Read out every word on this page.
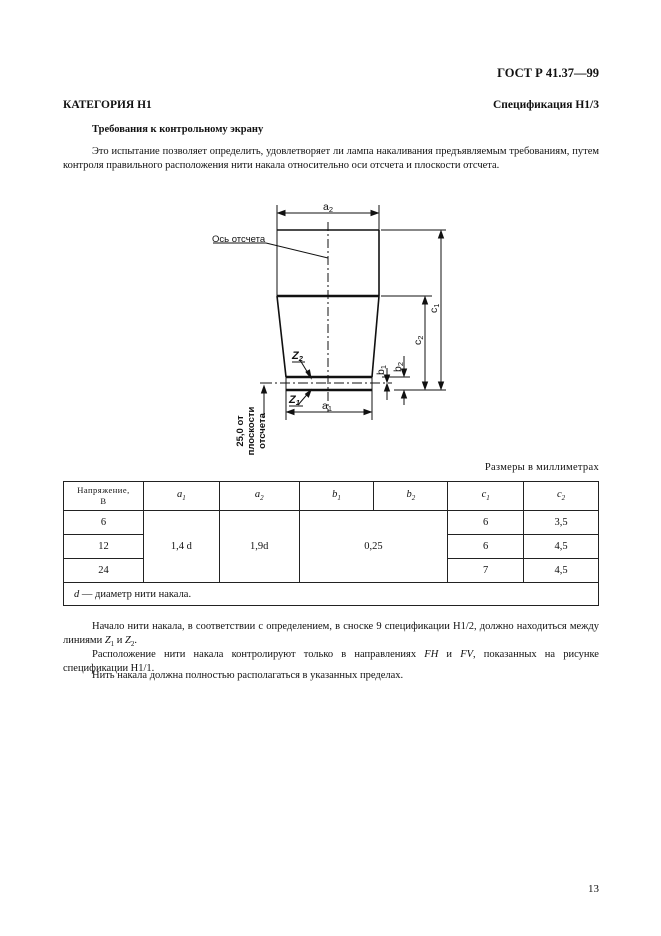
ГОСТ Р 41.37—99
КАТЕГОРИЯ H1	Спецификация H1/3
Требования к контрольному экрану
Это испытание позволяет определить, удовлетворяет ли лампа накаливания предъявляемым требованиям, путем контроля правильного расположения нити накала относительно оси отсчета и плоскости отсчета.
Ось отсчета
a2
a1
c1
c2
b2
b1
Z2
Z1
25,0 от плоскости отсчета
Размеры в миллиметрах
Напряжение,
В	$a_1$	$a_2$	$b_1$	$b_2$	$c_1$	$c_2$
6	1,4 d	1,9d	0,25		6	3,5
12					6	4,5
24					7	4,5
d — диаметр нити накала.						
Начало нити накала, в соответствии с определением, в сноске 9 спецификации H1/2, должно находиться между линиями $Z_1$ и $Z_2$.
Расположение нити накала контролируют только в направлениях FH и FV, показанных на рисунке спецификации H1/1.
Нить накала должна полностью располагаться в указанных пределах.
13
